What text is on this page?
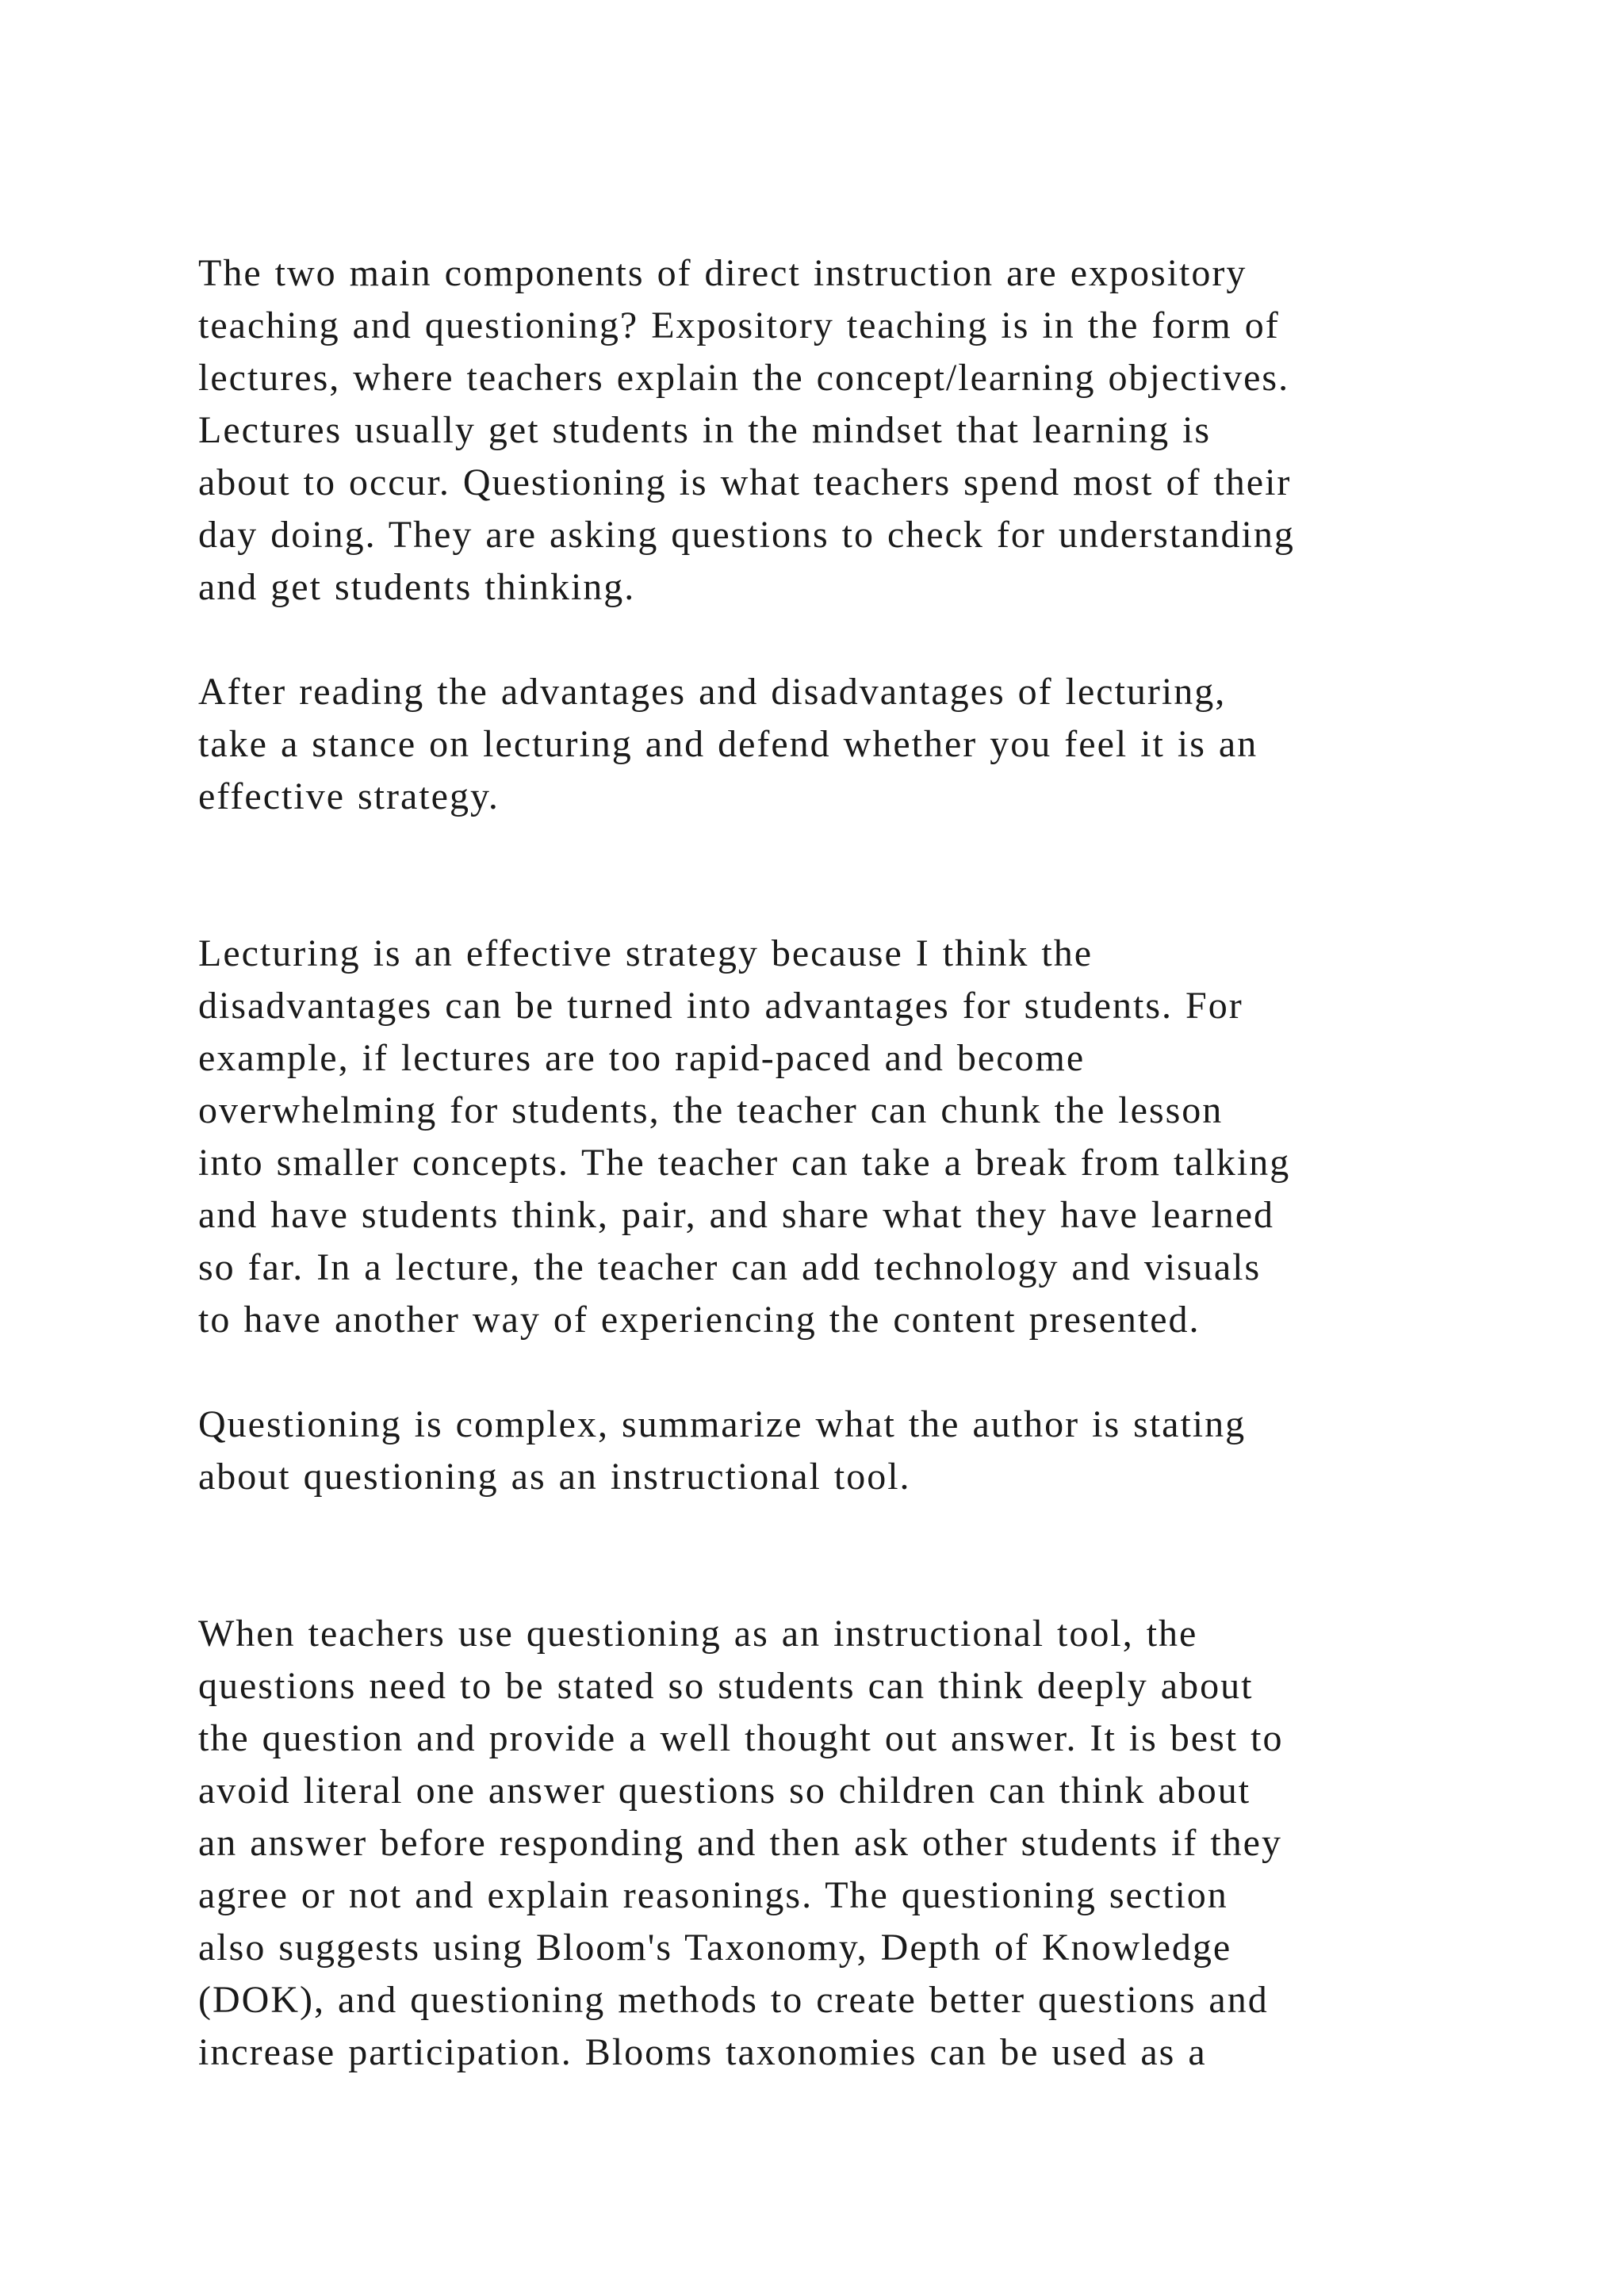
The two main components of direct instruction are expository
teaching and questioning? Expository teaching is in the form of
lectures, where teachers explain the concept/learning objectives.
Lectures usually get students in the mindset that learning is
about to occur. Questioning is what teachers spend most of their
day doing. They are asking questions to check for understanding
and get students thinking.
After reading the advantages and disadvantages of lecturing,
take a stance on lecturing and defend whether you feel it is an
effective strategy.
Lecturing is an effective strategy because I think the
disadvantages can be turned into advantages for students. For
example, if lectures are too rapid-paced and become
overwhelming for students, the teacher can chunk the lesson
into smaller concepts. The teacher can take a break from talking
and have students think, pair, and share what they have learned
so far. In a lecture, the teacher can add technology and visuals
to have another way of experiencing the content presented.
Questioning is complex, summarize what the author is stating
about questioning as an instructional tool.
When teachers use questioning as an instructional tool, the
questions need to be stated so students can think deeply about
the question and provide a well thought out answer. It is best to
avoid literal one answer questions so children can think about
an answer before responding and then ask other students if they
agree or not and explain reasonings. The questioning section
also suggests using Bloom's Taxonomy, Depth of Knowledge
(DOK), and questioning methods to create better questions and
increase participation. Blooms taxonomies can be used as a
